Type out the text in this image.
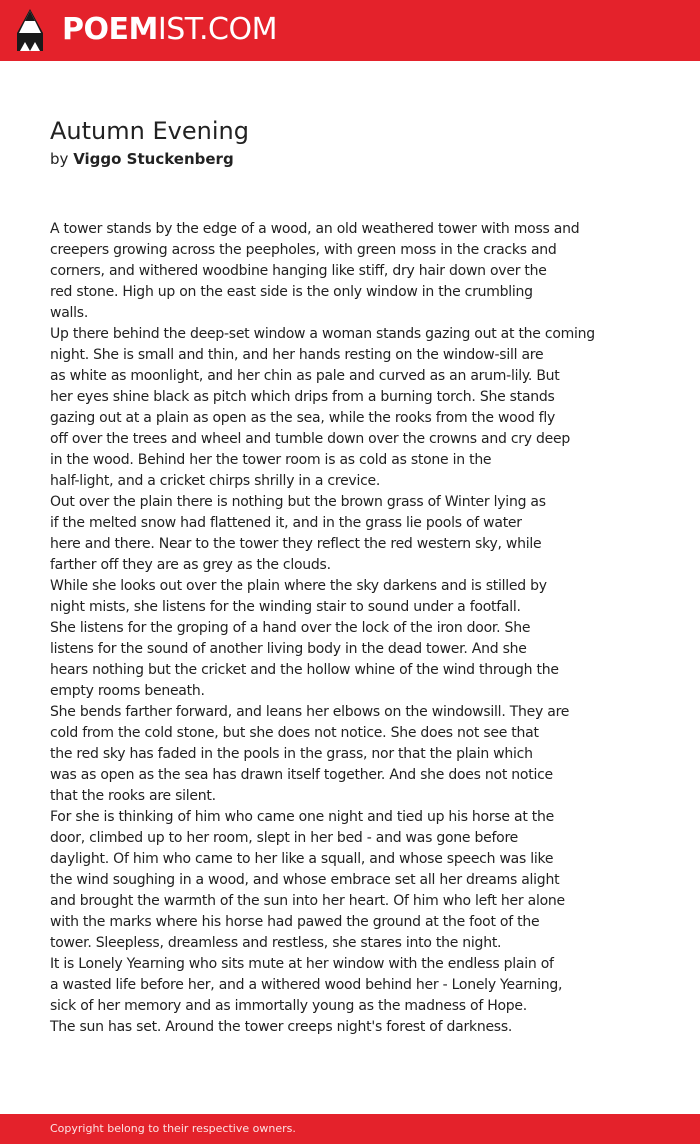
POEMIST.COM
Autumn Evening
by Viggo Stuckenberg
A tower stands by the edge of a wood, an old weathered tower with moss and
creepers growing across the peepholes, with green moss in the cracks and
corners, and withered woodbine hanging like stiff, dry hair down over the
red stone. High up on the east side is the only window in the crumbling
walls.
Up there behind the deep-set window a woman stands gazing out at the coming
night. She is small and thin, and her hands resting on the window-sill are
as white as moonlight, and her chin as pale and curved as an arum-lily. But
her eyes shine black as pitch which drips from a burning torch. She stands
gazing out at a plain as open as the sea, while the rooks from the wood fly
off over the trees and wheel and tumble down over the crowns and cry deep
in the wood. Behind her the tower room is as cold as stone in the
half-light, and a cricket chirps shrilly in a crevice.
Out over the plain there is nothing but the brown grass of Winter lying as
if the melted snow had flattened it, and in the grass lie pools of water
here and there. Near to the tower they reflect the red western sky, while
farther off they are as grey as the clouds.
While she looks out over the plain where the sky darkens and is stilled by
night mists, she listens for the winding stair to sound under a footfall.
She listens for the groping of a hand over the lock of the iron door. She
listens for the sound of another living body in the dead tower. And she
hears nothing but the cricket and the hollow whine of the wind through the
empty rooms beneath.
She bends farther forward, and leans her elbows on the windowsill. They are
cold from the cold stone, but she does not notice. She does not see that
the red sky has faded in the pools in the grass, nor that the plain which
was as open as the sea has drawn itself together. And she does not notice
that the rooks are silent.
For she is thinking of him who came one night and tied up his horse at the
door, climbed up to her room, slept in her bed - and was gone before
daylight. Of him who came to her like a squall, and whose speech was like
the wind soughing in a wood, and whose embrace set all her dreams alight
and brought the warmth of the sun into her heart. Of him who left her alone
with the marks where his horse had pawed the ground at the foot of the
tower. Sleepless, dreamless and restless, she stares into the night.
It is Lonely Yearning who sits mute at her window with the endless plain of
a wasted life before her, and a withered wood behind her - Lonely Yearning,
sick of her memory and as immortally young as the madness of Hope.
The sun has set. Around the tower creeps night's forest of darkness.
Copyright belong to their respective owners.
